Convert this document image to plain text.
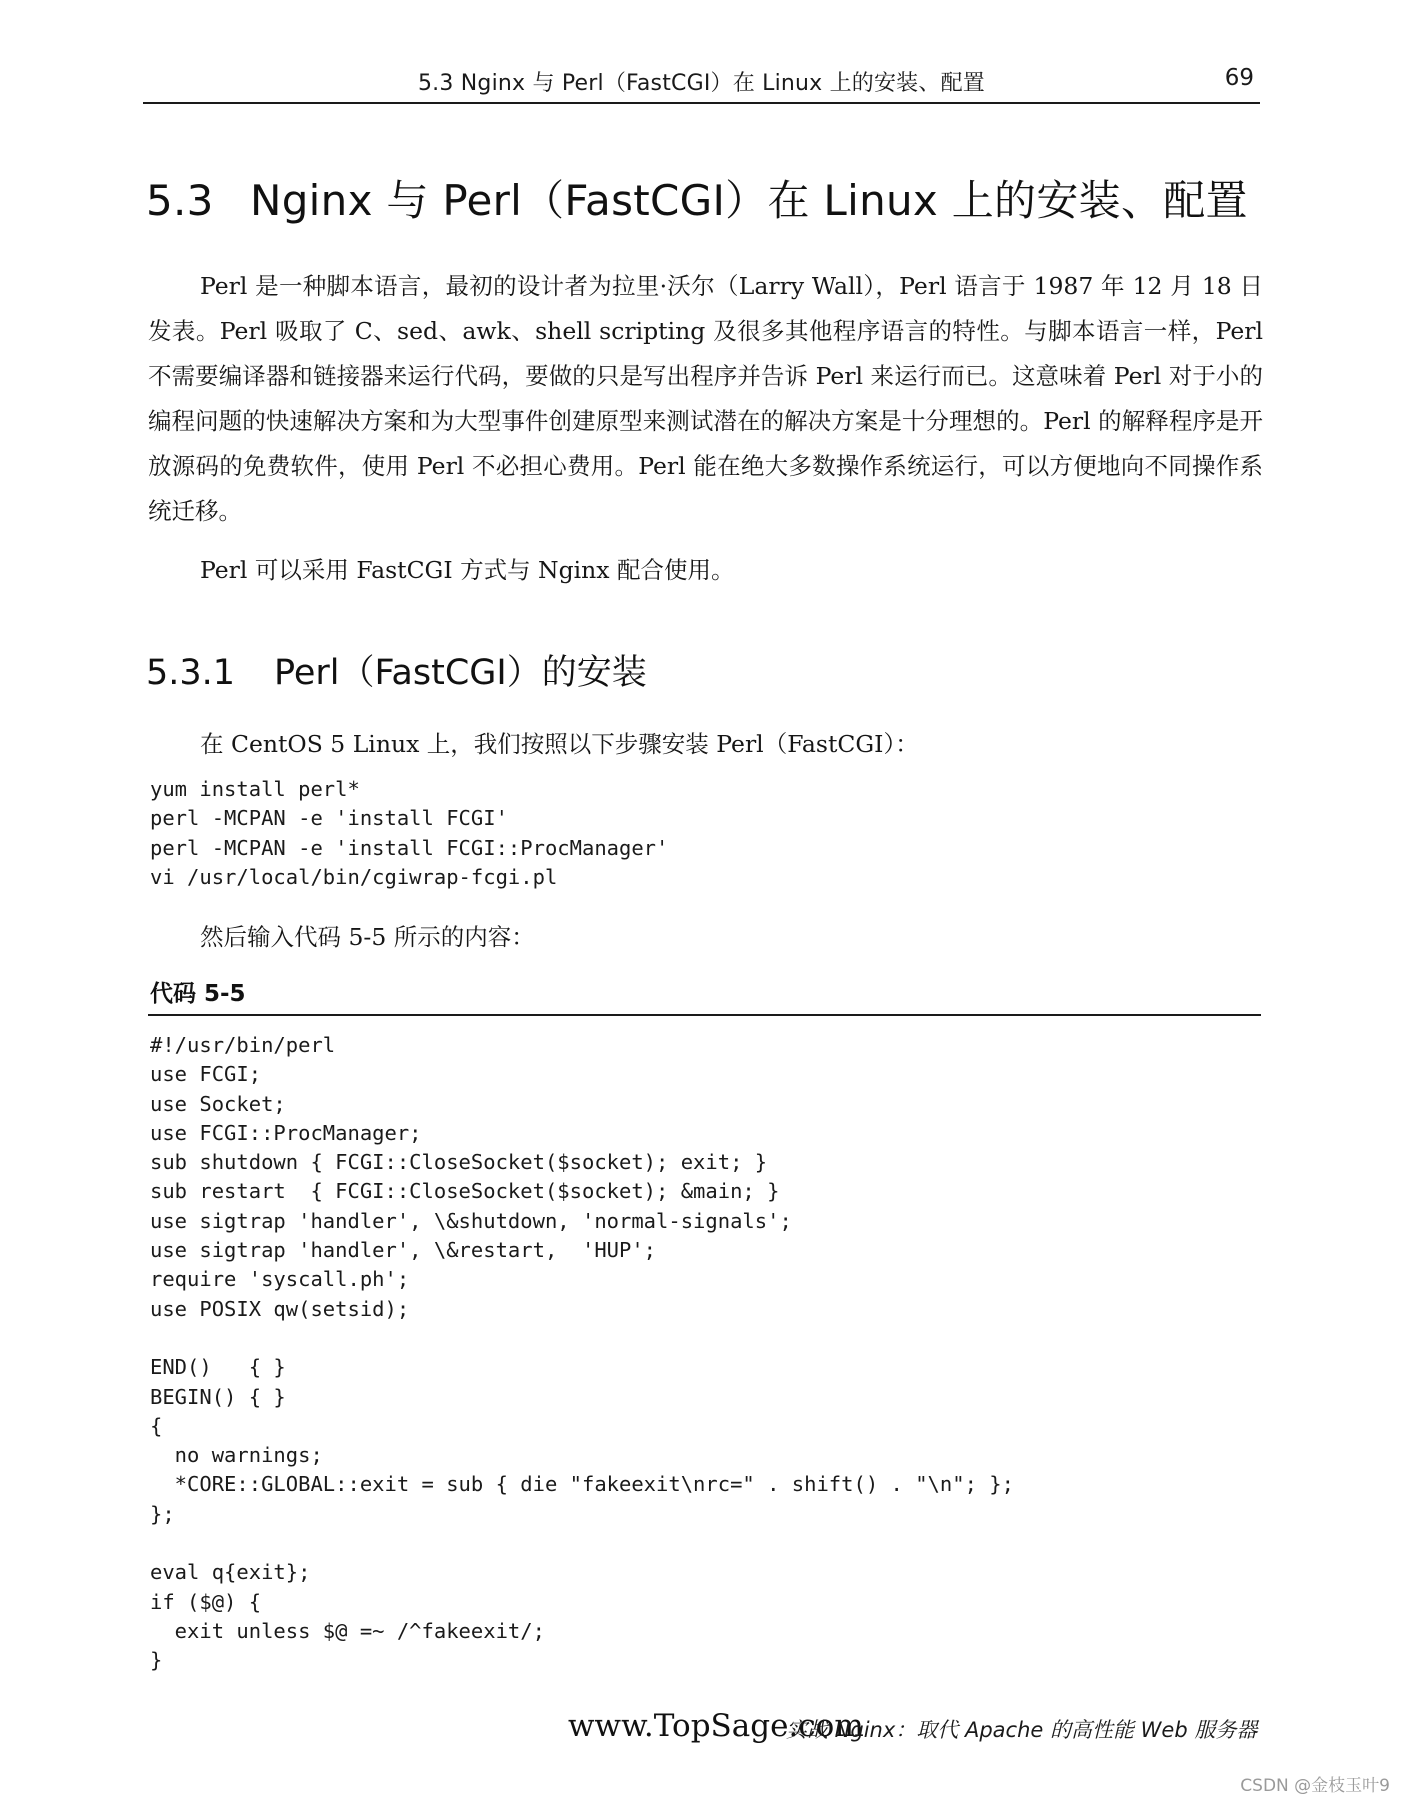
5.3 Nginx 与 Perl（FastCGI）在 Linux 上的安装、配置	69
5.3 Nginx 与 Perl（FastCGI）在 Linux 上的安装、配置

Perl 是一种脚本语言，最初的设计者为拉里·沃尔（Larry Wall），Perl 语言于 1987 年 12 月 18 日发表。Perl 吸取了 C、sed、awk、shell scripting 及很多其他程序语言的特性。与脚本语言一样，Perl 不需要编译器和链接器来运行代码，要做的只是写出程序并告诉 Perl 来运行而已。这意味着 Perl 对于小的编程问题的快速解决方案和为大型事件创建原型来测试潜在的解决方案是十分理想的。Perl 的解释程序是开放源码的免费软件，使用 Perl 不必担心费用。Perl 能在绝大多数操作系统运行，可以方便地向不同操作系统迁移。

Perl 可以采用 FastCGI 方式与 Nginx 配合使用。

5.3.1 Perl（FastCGI）的安装

在 CentOS 5 Linux 上，我们按照以下步骤安装 Perl（FastCGI）：

yum install perl*
perl -MCPAN -e 'install FCGI'
perl -MCPAN -e 'install FCGI::ProcManager'
vi /usr/local/bin/cgiwrap-fcgi.pl

然后输入代码 5-5 所示的内容：

代码 5-5
#!/usr/bin/perl
use FCGI;
use Socket;
use FCGI::ProcManager;
sub shutdown { FCGI::CloseSocket($socket); exit; }
sub restart  { FCGI::CloseSocket($socket); &main; }
use sigtrap 'handler', \&shutdown, 'normal-signals';
use sigtrap 'handler', \&restart,  'HUP';
require 'syscall.ph';
use POSIX qw(setsid);

END()   { }
BEGIN() { }
{
no warnings;
*CORE::GLOBAL::exit = sub { die "fakeexit\nrc=" . shift() . "\n"; };
};

eval q{exit};
if ($@) {
exit unless $@ =~ /^fakeexit/;
}
www.TopSage.com
实战 Nginx：取代 Apache 的高性能 Web 服务器
CSDN @金枝玉叶9
